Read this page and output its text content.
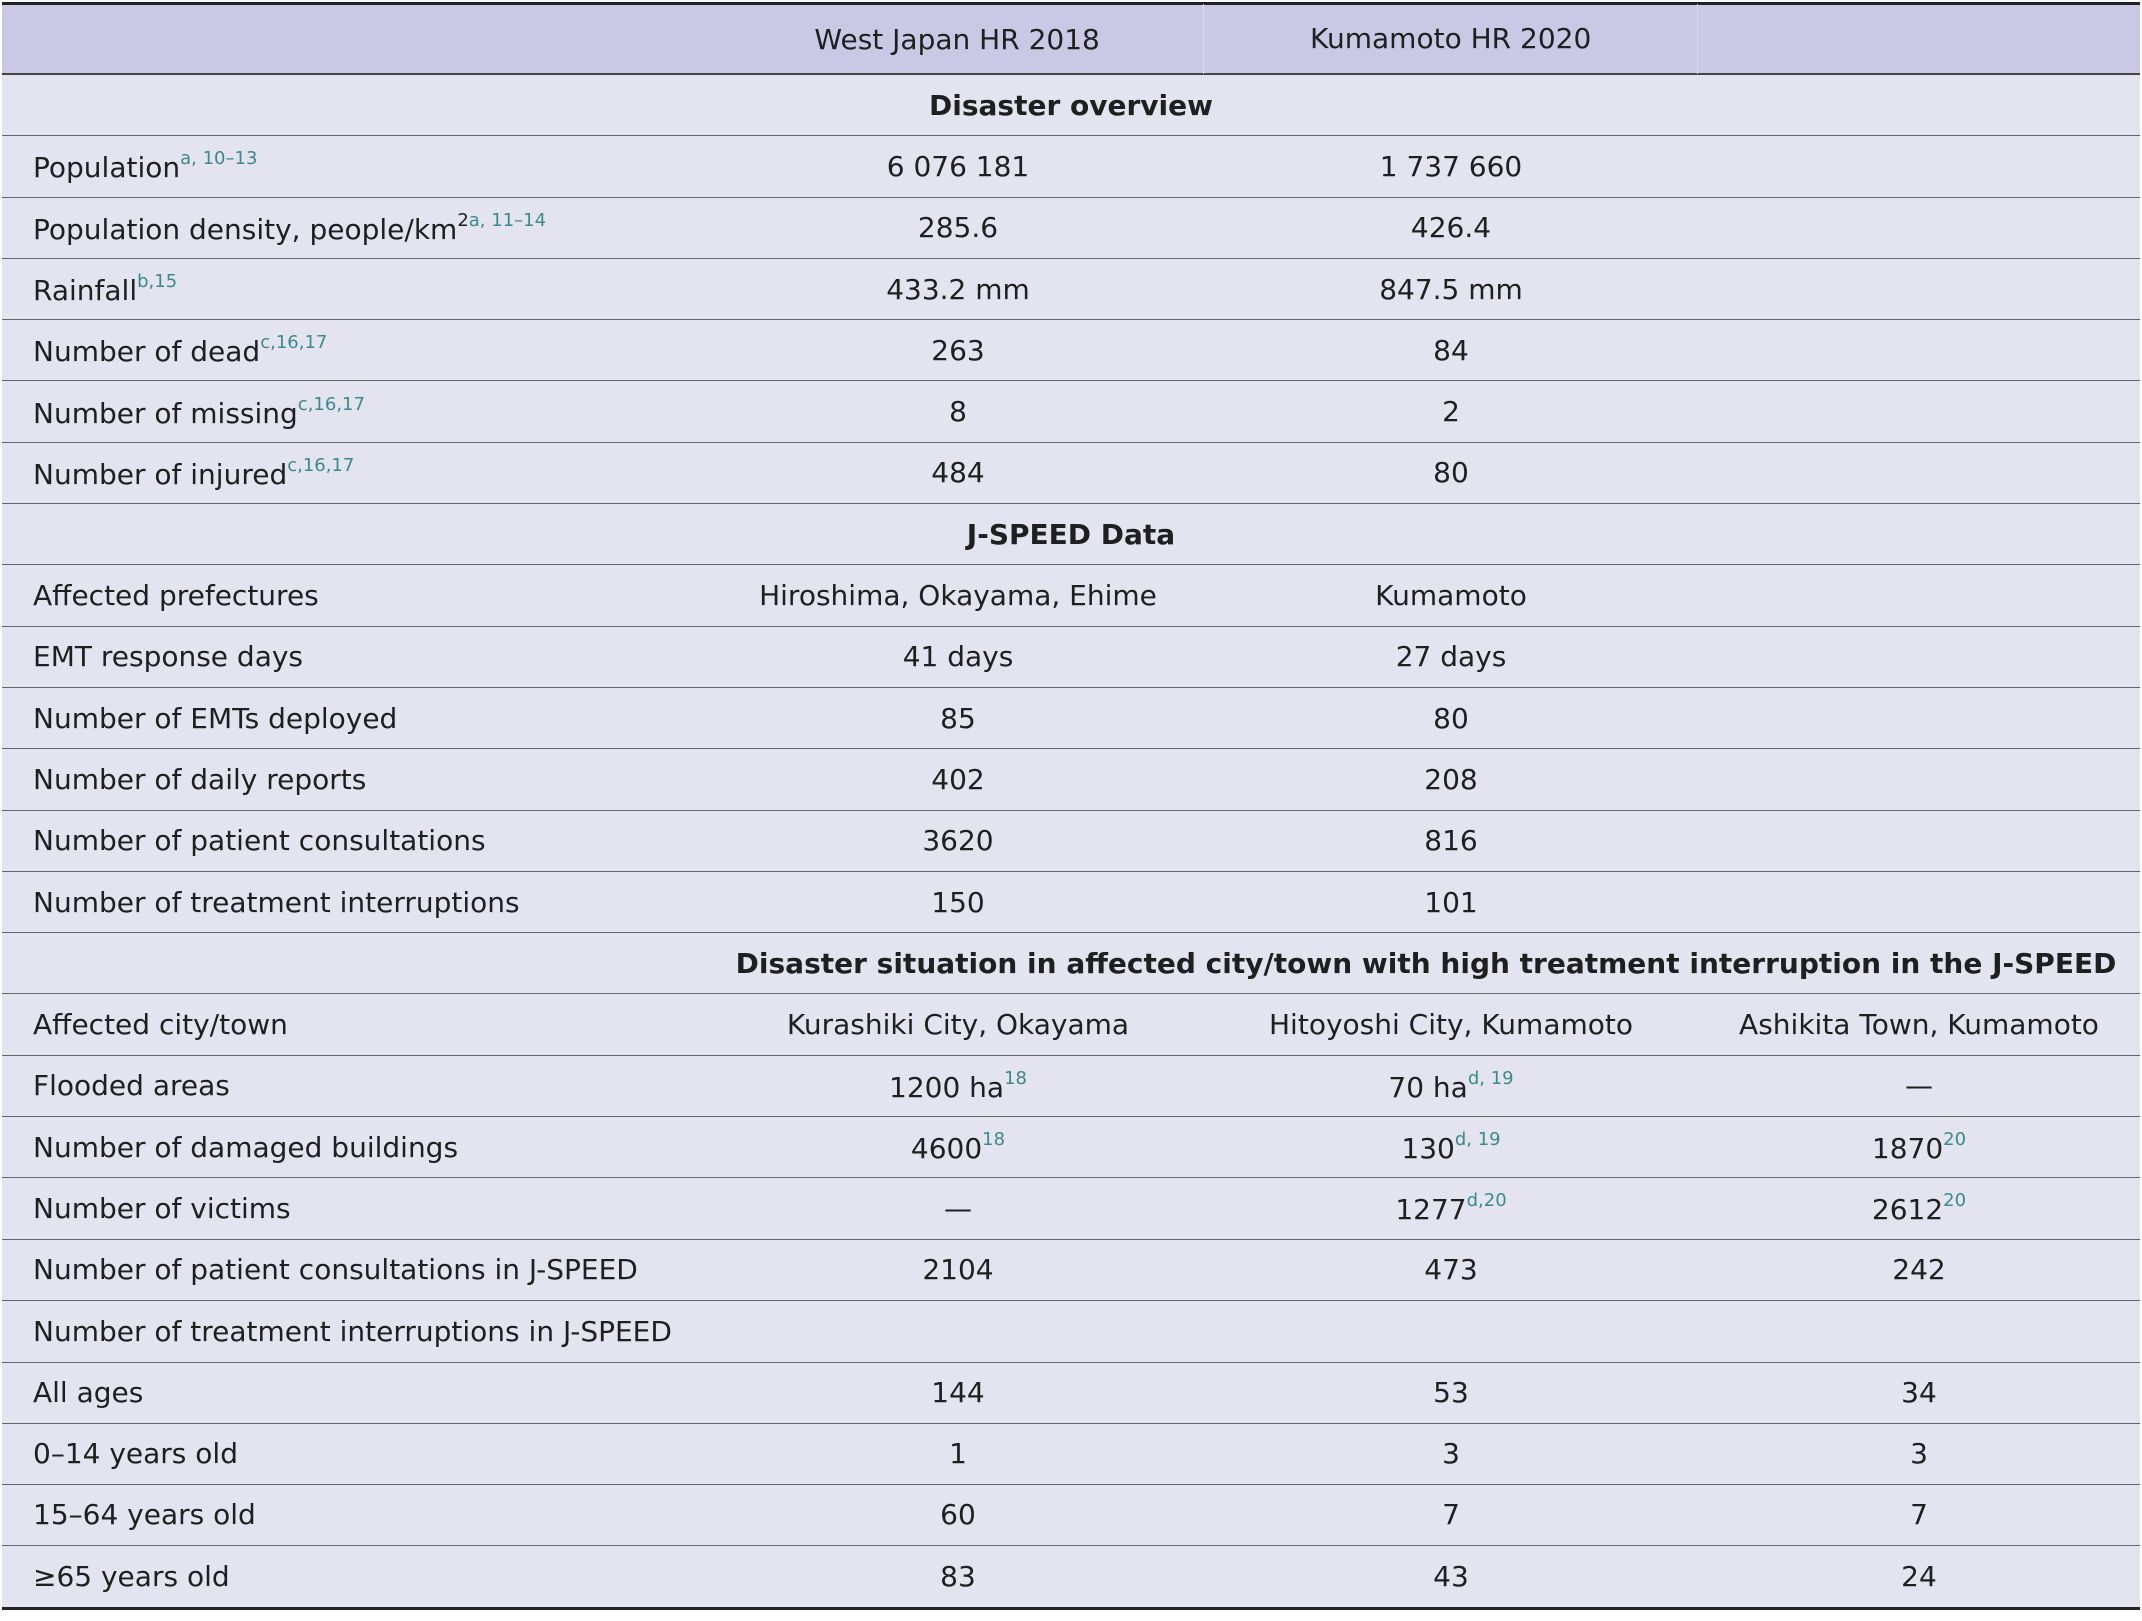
West Japan HR 2018	Kumamoto HR 2020
Disaster overview
Population$^{a, 10-13}$	6 076 181	1 737 660
Population density, people/$km^{2a, 11-14}$	285.6	426.4
Rainfall$^{b,15}$	433.2 mm	847.5 mm
Number of dead$^{c,16,17}$	263	84
Number of missing$^{c,16,17}$	8	2
Number of injured$^{c,16,17}$	484	80
J-SPEED Data
Affected prefectures	Hiroshima, Okayama, Ehime	Kumamoto
EMT response days	41 days	27 days
Number of EMTs deployed	85	80
Number of daily reports	402	208
Number of patient consultations	3620	816
Number of treatment interruptions	150	101
Disaster situation in affected city/town with high treatment interruption in the J-SPEED
Affected city/town	Kurashiki City, Okayama	Hitoyoshi City, Kumamoto	Ashikita Town, Kumamoto
Flooded areas	1200 $ha^{18}$	70 ha$^{d, 19}$	—
Number of damaged buildings	4600$^{18}$	130$^{d, 19}$	1870$^{20}$
Number of victims	—	1277$^{d,20}$	2612$^{20}$
Number of patient consultations in J-SPEED	2104	473	242
Number of treatment interruptions in J-SPEED
All ages	144	53	34
0–14 years old	1	3	3
15–64 years old	60	7	7
≥65 years old	83	43	24
